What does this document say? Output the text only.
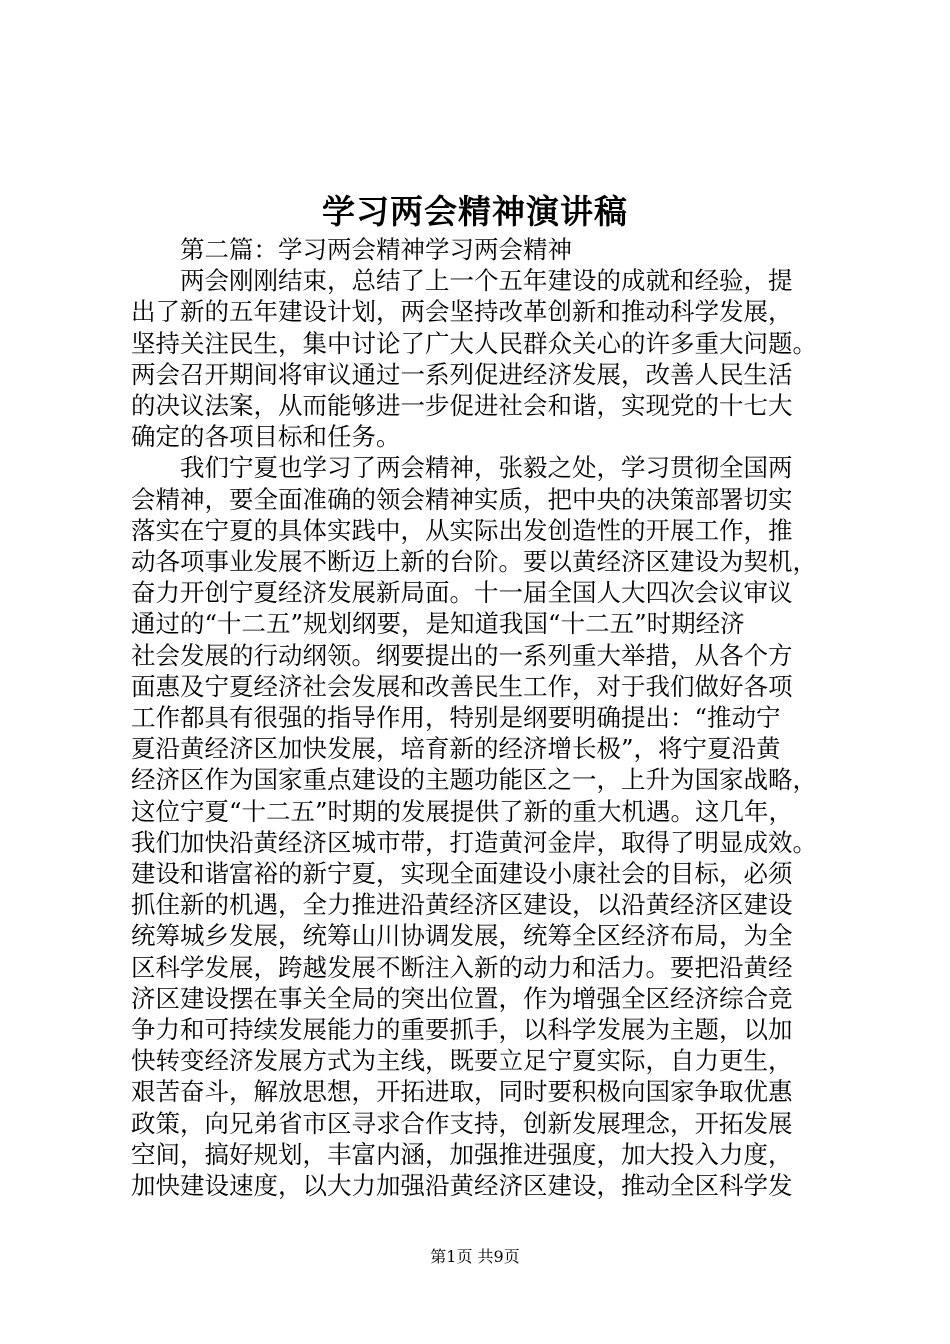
学习两会精神演讲稿
第二篇：学习两会精神学习两会精神
两会刚刚结束，总结了上一个五年建设的成就和经验，提
出了新的五年建设计划，两会坚持改革创新和推动科学发展，
坚持关注民生，集中讨论了广大人民群众关心的许多重大问题。
两会召开期间将审议通过一系列促进经济发展，改善人民生活
的决议法案，从而能够进一步促进社会和谐，实现党的十七大
确定的各项目标和任务。
我们宁夏也学习了两会精神，张毅之处，学习贯彻全国两
会精神，要全面准确的领会精神实质，把中央的决策部署切实
落实在宁夏的具体实践中，从实际出发创造性的开展工作，推
动各项事业发展不断迈上新的台阶。要以黄经济区建设为契机，
奋力开创宁夏经济发展新局面。十一届全国人大四次会议审议
通过的“十二五”规划纲要，是知道我国“十二五”时期经济
社会发展的行动纲领。纲要提出的一系列重大举措，从各个方
面惠及宁夏经济社会发展和改善民生工作，对于我们做好各项
工作都具有很强的指导作用，特别是纲要明确提出：“推动宁
夏沿黄经济区加快发展，培育新的经济增长极”，将宁夏沿黄
经济区作为国家重点建设的主题功能区之一，上升为国家战略，
这位宁夏“十二五”时期的发展提供了新的重大机遇。这几年，
我们加快沿黄经济区城市带，打造黄河金岸，取得了明显成效。
建设和谐富裕的新宁夏，实现全面建设小康社会的目标，必须
抓住新的机遇，全力推进沿黄经济区建设，以沿黄经济区建设
统筹城乡发展，统筹山川协调发展，统筹全区经济布局，为全
区科学发展，跨越发展不断注入新的动力和活力。要把沿黄经
济区建设摆在事关全局的突出位置，作为增强全区经济综合竞
争力和可持续发展能力的重要抓手，以科学发展为主题，以加
快转变经济发展方式为主线，既要立足宁夏实际，自力更生，
艰苦奋斗，解放思想，开拓进取，同时要积极向国家争取优惠
政策，向兄弟省市区寻求合作支持，创新发展理念，开拓发展
空间，搞好规划，丰富内涵，加强推进强度，加大投入力度，
加快建设速度，以大力加强沿黄经济区建设，推动全区科学发
第1页 共9页
